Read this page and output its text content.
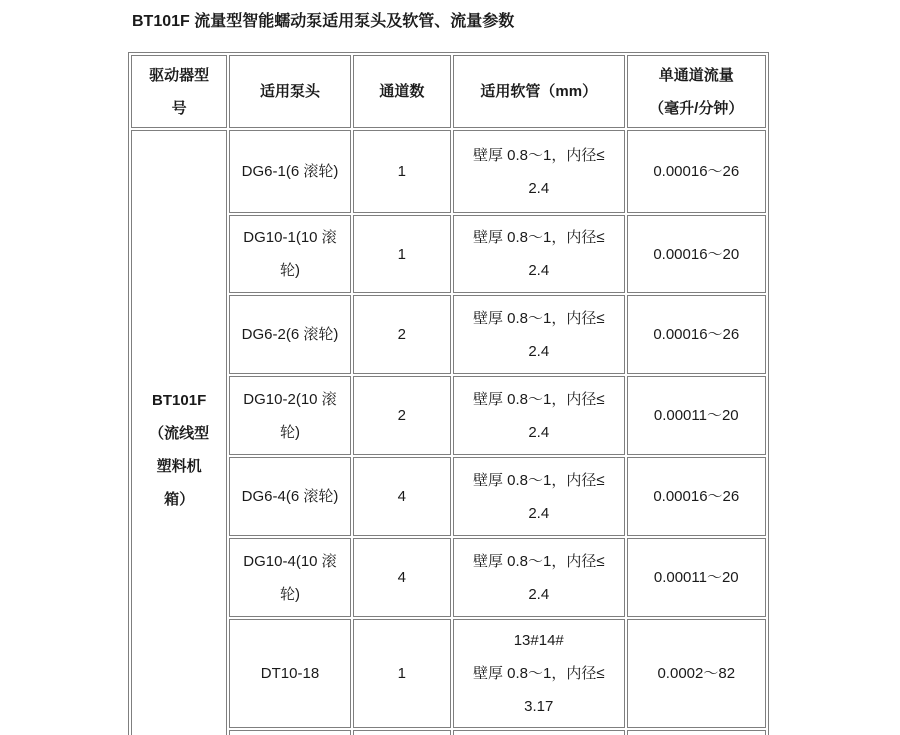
BT101F 流量型智能蠕动泵适用泵头及软管、流量参数
驱动器型
号	适用泵头	通道数	适用软管（mm）	单通道流量
（毫升/分钟）
BT101F
（流线型
塑料机
箱）	DG6-1(6 滚轮)	1	壁厚 0.8～1，内径≤
2.4	0.00016～26
	DG10-1(10 滚
轮)	1	壁厚 0.8～1，内径≤
2.4	0.00016～20
	DG6-2(6 滚轮)	2	壁厚 0.8～1，内径≤
2.4	0.00016～26
	DG10-2(10 滚
轮)	2	壁厚 0.8～1，内径≤
2.4	0.00011～20
	DG6-4(6 滚轮)	4	壁厚 0.8～1，内径≤
2.4	0.00016～26
	DG10-4(10 滚
轮)	4	壁厚 0.8～1，内径≤
2.4	0.00011～20
	DT10-18	1	13#14#
壁厚 0.8～1，内径≤
3.17	0.0002～82
